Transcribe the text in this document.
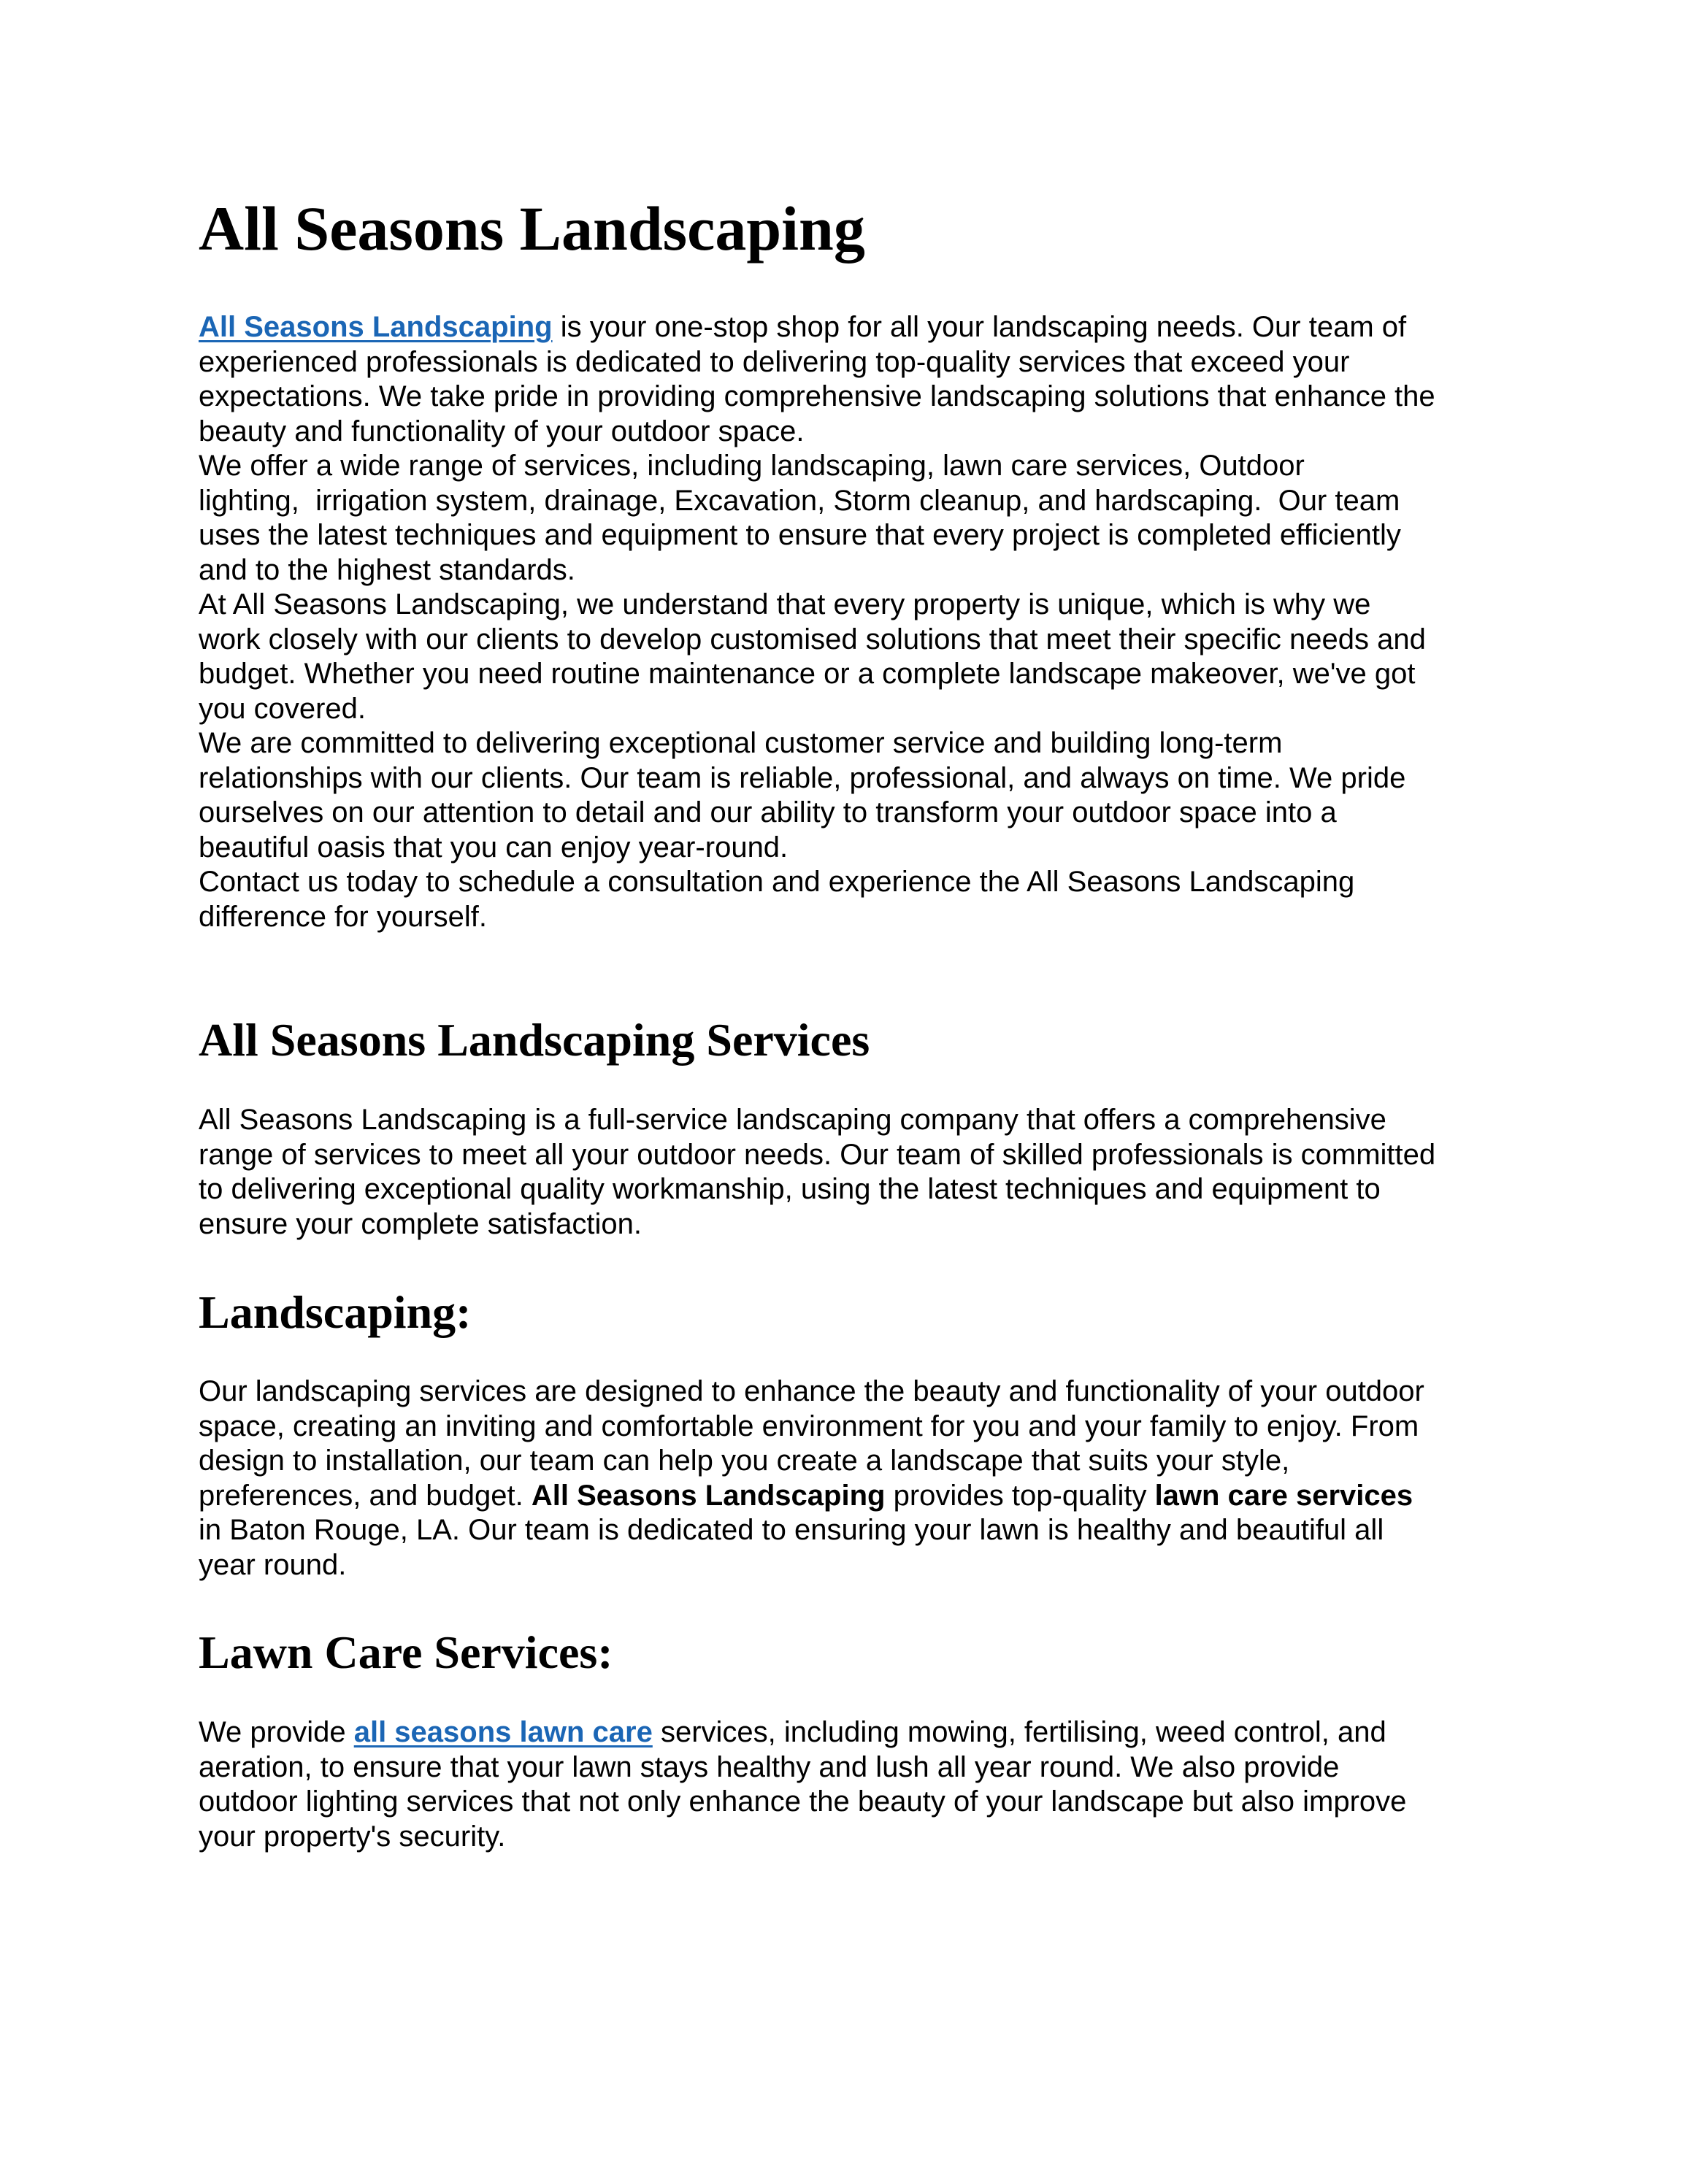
All Seasons Landscaping
All Seasons Landscaping is your one-stop shop for all your landscaping needs. Our team of
experienced professionals is dedicated to delivering top-quality services that exceed your
expectations. We take pride in providing comprehensive landscaping solutions that enhance the
beauty and functionality of your outdoor space.
We offer a wide range of services, including landscaping, lawn care services, Outdoor
lighting,  irrigation system, drainage, Excavation, Storm cleanup, and hardscaping.  Our team
uses the latest techniques and equipment to ensure that every project is completed efficiently
and to the highest standards.
At All Seasons Landscaping, we understand that every property is unique, which is why we
work closely with our clients to develop customised solutions that meet their specific needs and
budget. Whether you need routine maintenance or a complete landscape makeover, we've got
you covered.
We are committed to delivering exceptional customer service and building long-term
relationships with our clients. Our team is reliable, professional, and always on time. We pride
ourselves on our attention to detail and our ability to transform your outdoor space into a
beautiful oasis that you can enjoy year-round.
Contact us today to schedule a consultation and experience the All Seasons Landscaping
difference for yourself.
All Seasons Landscaping Services
All Seasons Landscaping is a full-service landscaping company that offers a comprehensive
range of services to meet all your outdoor needs. Our team of skilled professionals is committed
to delivering exceptional quality workmanship, using the latest techniques and equipment to
ensure your complete satisfaction.
Landscaping:
Our landscaping services are designed to enhance the beauty and functionality of your outdoor
space, creating an inviting and comfortable environment for you and your family to enjoy. From
design to installation, our team can help you create a landscape that suits your style,
preferences, and budget. All Seasons Landscaping provides top-quality lawn care services
in Baton Rouge, LA. Our team is dedicated to ensuring your lawn is healthy and beautiful all
year round.
Lawn Care Services:
We provide all seasons lawn care services, including mowing, fertilising, weed control, and
aeration, to ensure that your lawn stays healthy and lush all year round. We also provide
outdoor lighting services that not only enhance the beauty of your landscape but also improve
your property's security.
